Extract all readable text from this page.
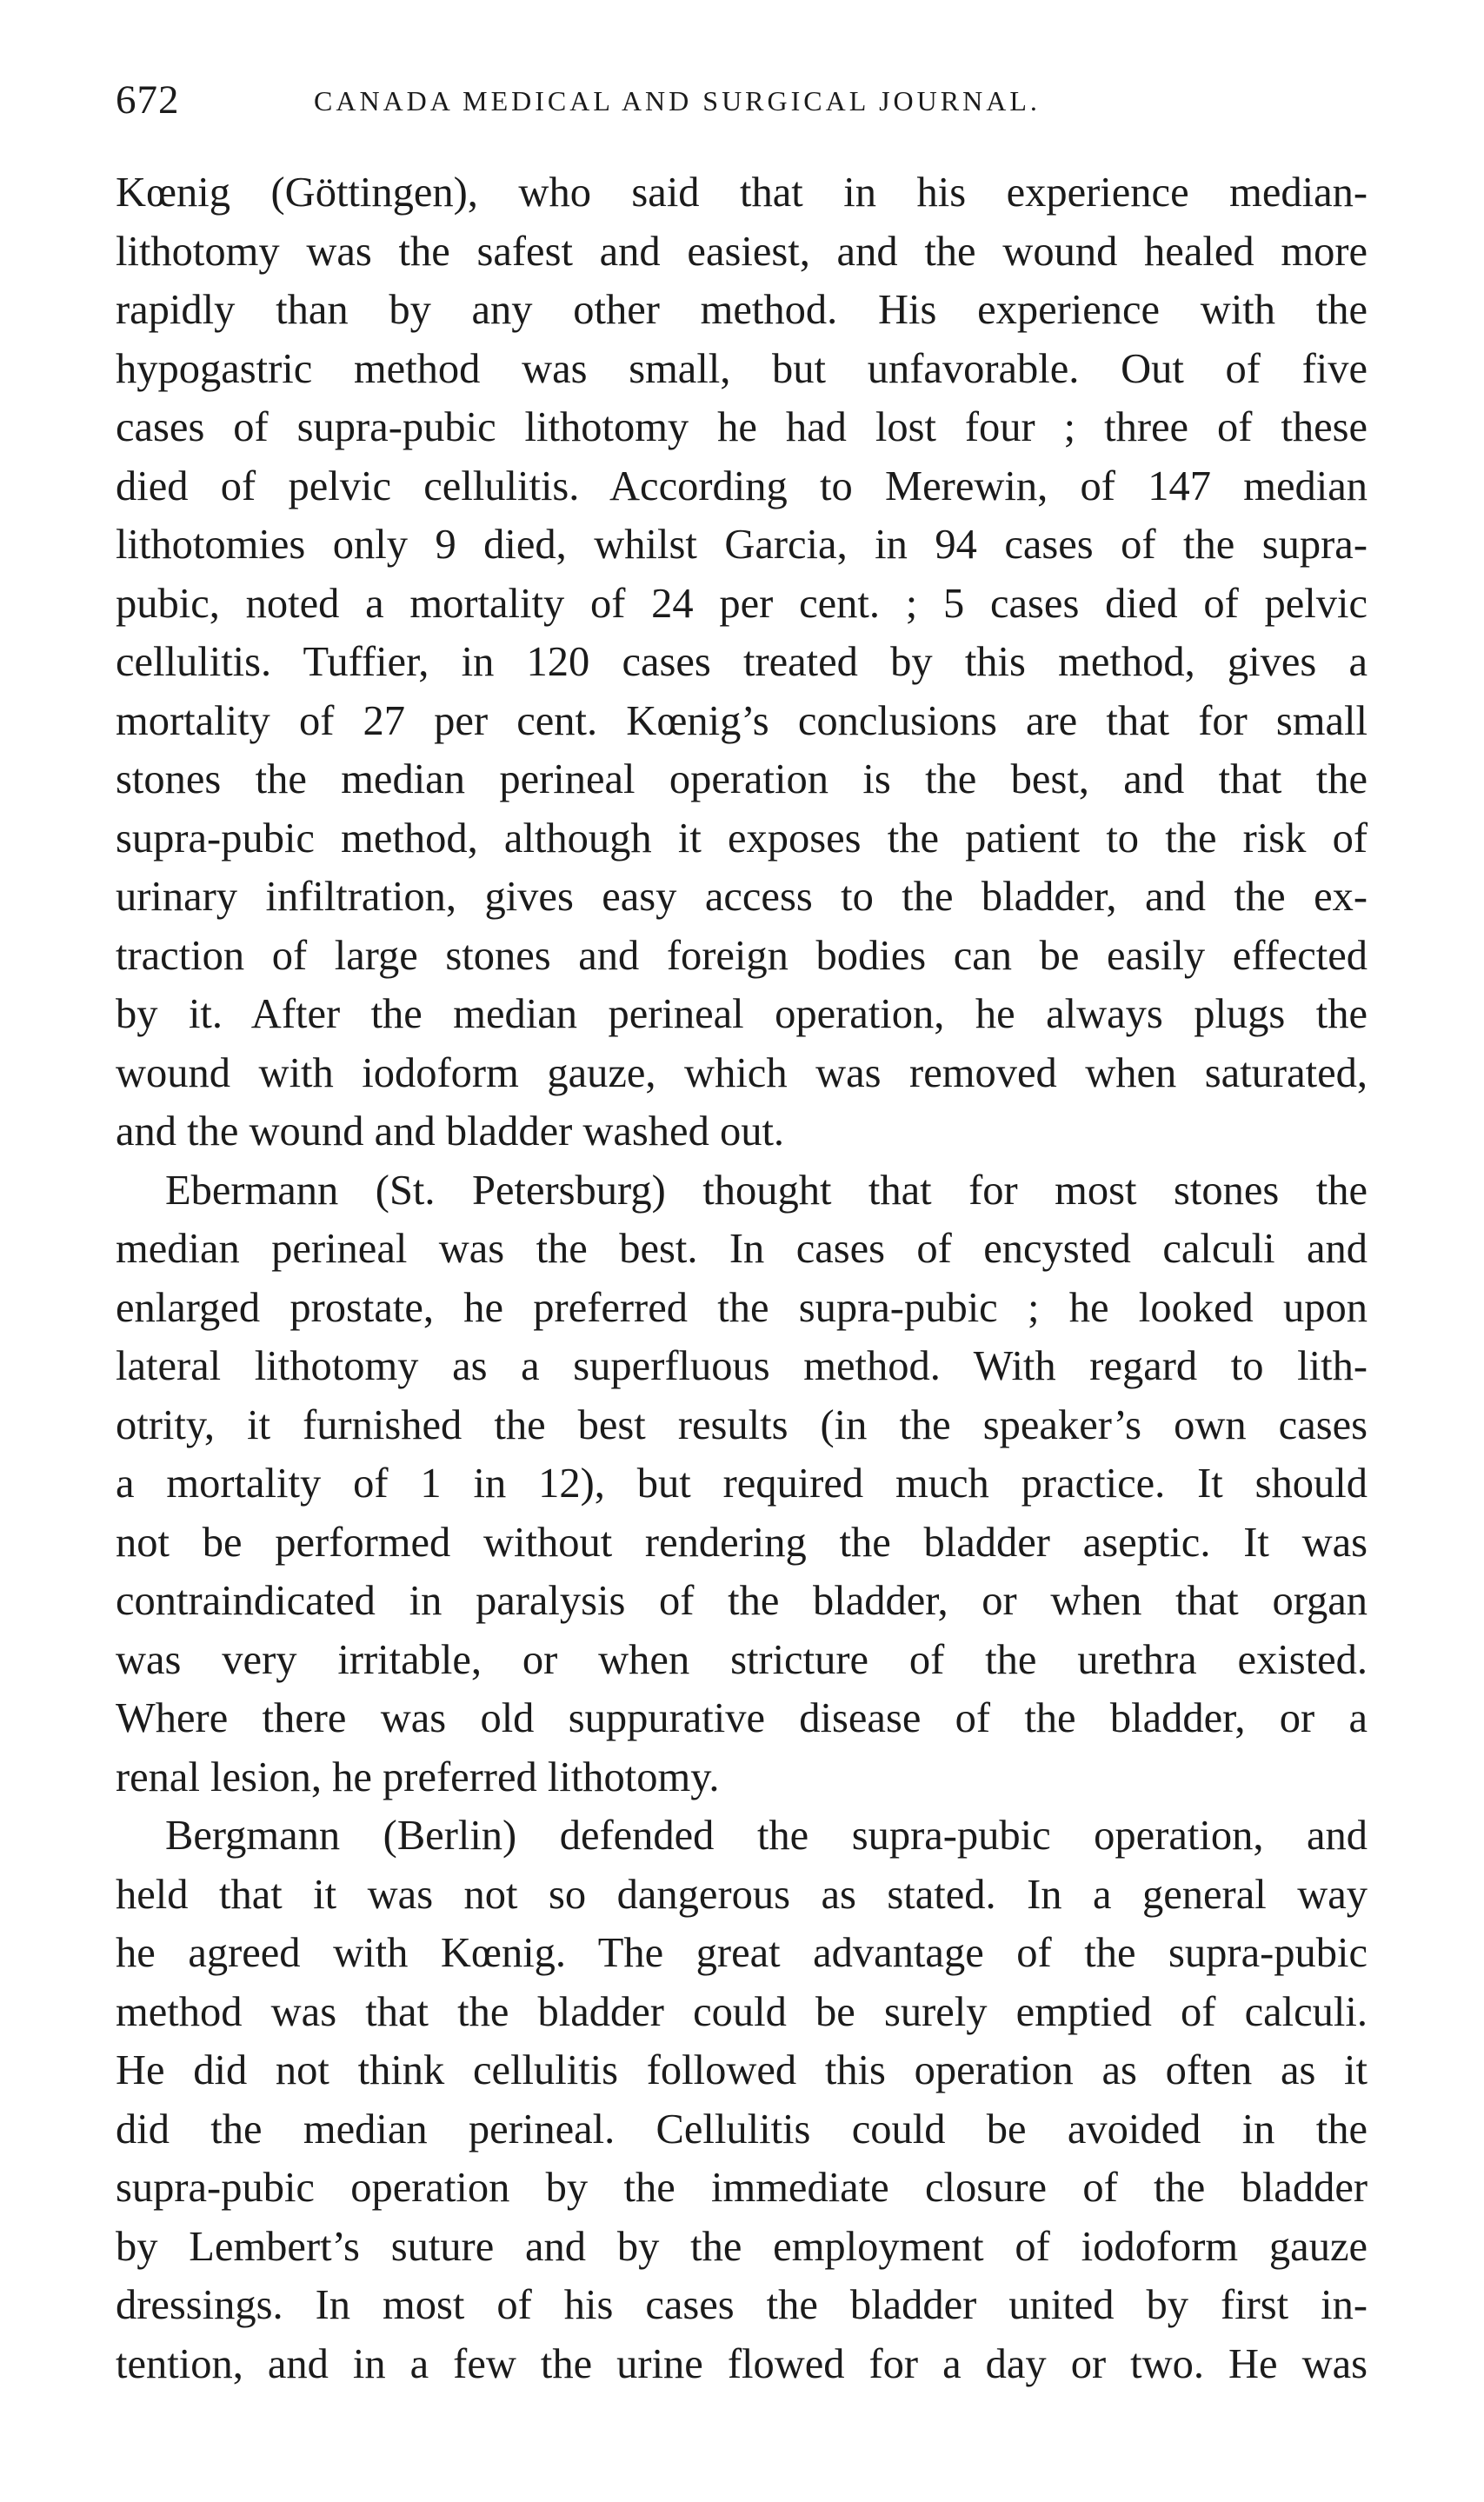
672	CANADA MEDICAL AND SURGICAL JOURNAL.
Kœnig (Göttingen), who said that in his experience median-
lithotomy was the safest and easiest, and the wound healed more
rapidly than by any other method. His experience with the
hypogastric method was small, but unfavorable. Out of five
cases of supra-pubic lithotomy he had lost four ; three of these
died of pelvic cellulitis. According to Merewin, of 147 median
lithotomies only 9 died, whilst Garcia, in 94 cases of the supra-
pubic, noted a mortality of 24 per cent. ; 5 cases died of pelvic
cellulitis. Tuffier, in 120 cases treated by this method, gives a
mortality of 27 per cent. Kœnig’s conclusions are that for small
stones the median perineal operation is the best, and that the
supra-pubic method, although it exposes the patient to the risk of
urinary infiltration, gives easy access to the bladder, and the ex-
traction of large stones and foreign bodies can be easily effected
by it. After the median perineal operation, he always plugs the
wound with iodoform gauze, which was removed when saturated,
and the wound and bladder washed out.
Ebermann (St. Petersburg) thought that for most stones the
median perineal was the best. In cases of encysted calculi and
enlarged prostate, he preferred the supra-pubic ; he looked upon
lateral lithotomy as a superfluous method. With regard to lith-
otrity, it furnished the best results (in the speaker’s own cases
a mortality of 1 in 12), but required much practice. It should
not be performed without rendering the bladder aseptic. It was
contraindicated in paralysis of the bladder, or when that organ
was very irritable, or when stricture of the urethra existed.
Where there was old suppurative disease of the bladder, or a
renal lesion, he preferred lithotomy.
Bergmann (Berlin) defended the supra-pubic operation, and
held that it was not so dangerous as stated. In a general way
he agreed with Kœnig. The great advantage of the supra-pubic
method was that the bladder could be surely emptied of calculi.
He did not think cellulitis followed this operation as often as it
did the median perineal. Cellulitis could be avoided in the
supra-pubic operation by the immediate closure of the bladder
by Lembert’s suture and by the employment of iodoform gauze
dressings. In most of his cases the bladder united by first in-
tention, and in a few the urine flowed for a day or two. He was
